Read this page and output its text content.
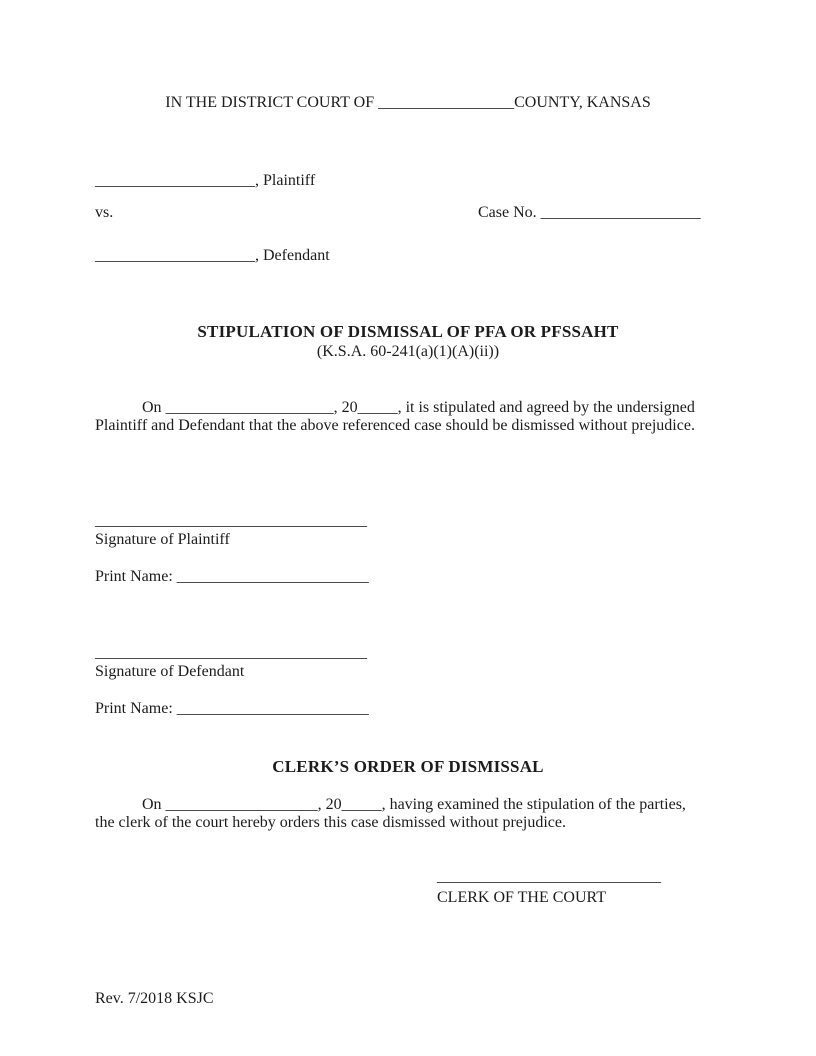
IN THE DISTRICT COURT OF _________________COUNTY, KANSAS
____________________, Plaintiff
vs.	Case No. ____________________
____________________, Defendant
STIPULATION OF DISMISSAL OF PFA OR PFSSAHT
(K.S.A. 60-241(a)(1)(A)(ii))
On _____________________, 20_____, it is stipulated and agreed by the undersigned
Plaintiff and Defendant that the above referenced case should be dismissed without prejudice.
__________________________________
Signature of Plaintiff
Print Name: ________________________
__________________________________
Signature of Defendant
Print Name: ________________________
CLERK’S ORDER OF DISMISSAL
On ___________________, 20_____, having examined the stipulation of the parties,
the clerk of the court hereby orders this case dismissed without prejudice.
____________________________
CLERK OF THE COURT
Rev. 7/2018 KSJC
